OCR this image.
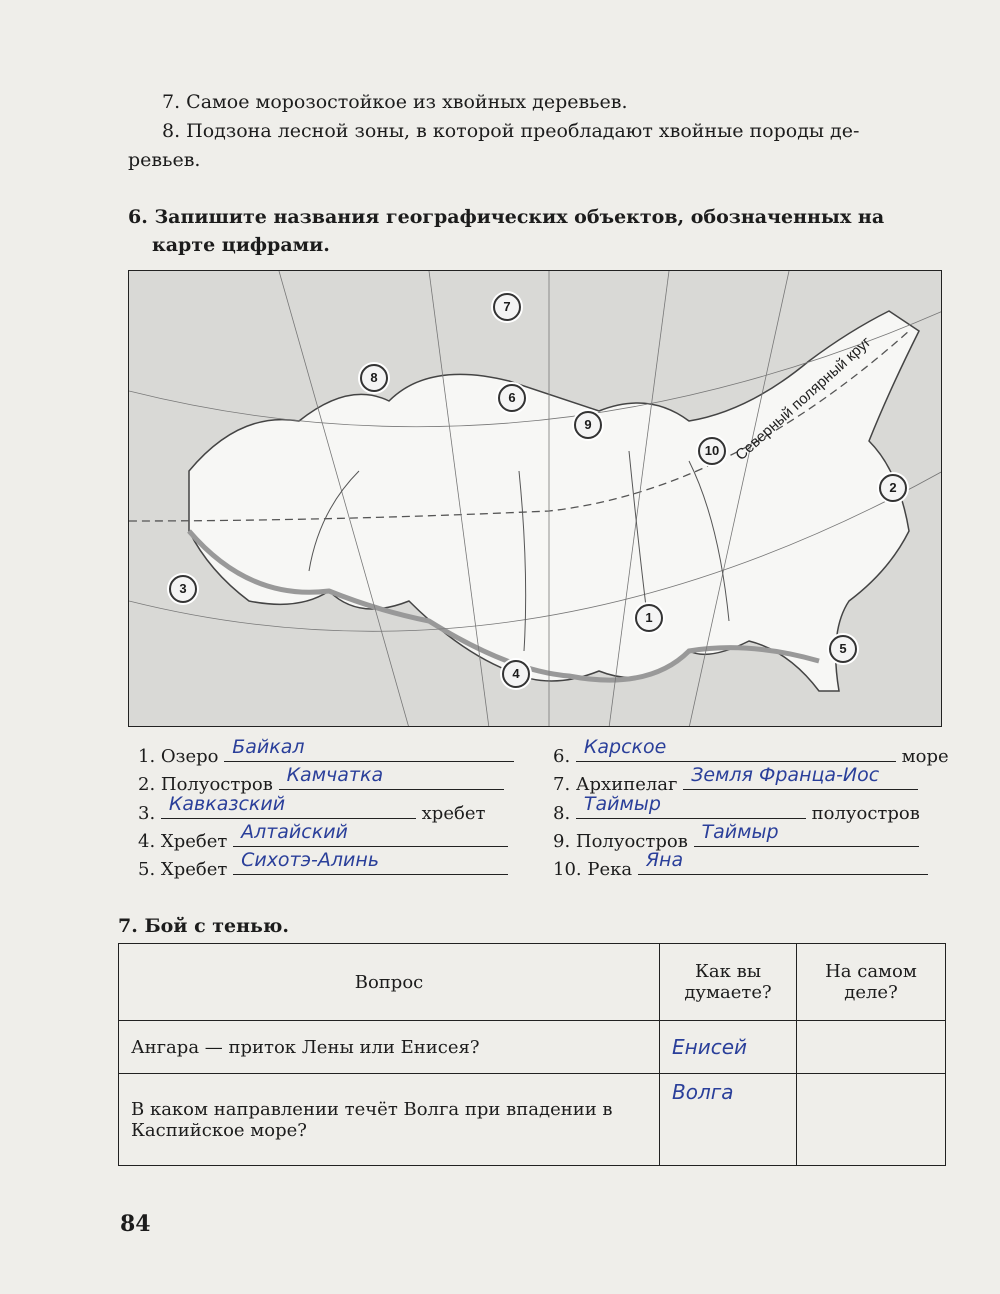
7. Самое морозостойкое из хвойных деревьев.
8. Подзона лесной зоны, в которой преобладают хвойные породы де-
ревьев.
6. Запишите названия географических объектов, обозначенных на
карте цифрами.
Северный полярный круг
1
2
3
4
5
6
7
8
9
10
1. Озеро Байкал
2. Полуостров Камчатка
3. Кавказский	хребет
4. Хребет Алтайский
5. Хребет Сихотэ-Алинь
6. Карское	море
7. Архипелаг Земля Франца-Иос
8. Таймыр	полуостров
9. Полуостров Таймыр
10. Река Яна
7. Бой с тенью.
Вопрос	Как вы думаете?	На самом деле?
Ангара — приток Лены или Енисея?	Енисей	
В каком направлении течёт Волга при впадении в Каспийское море?	Волга	
84
